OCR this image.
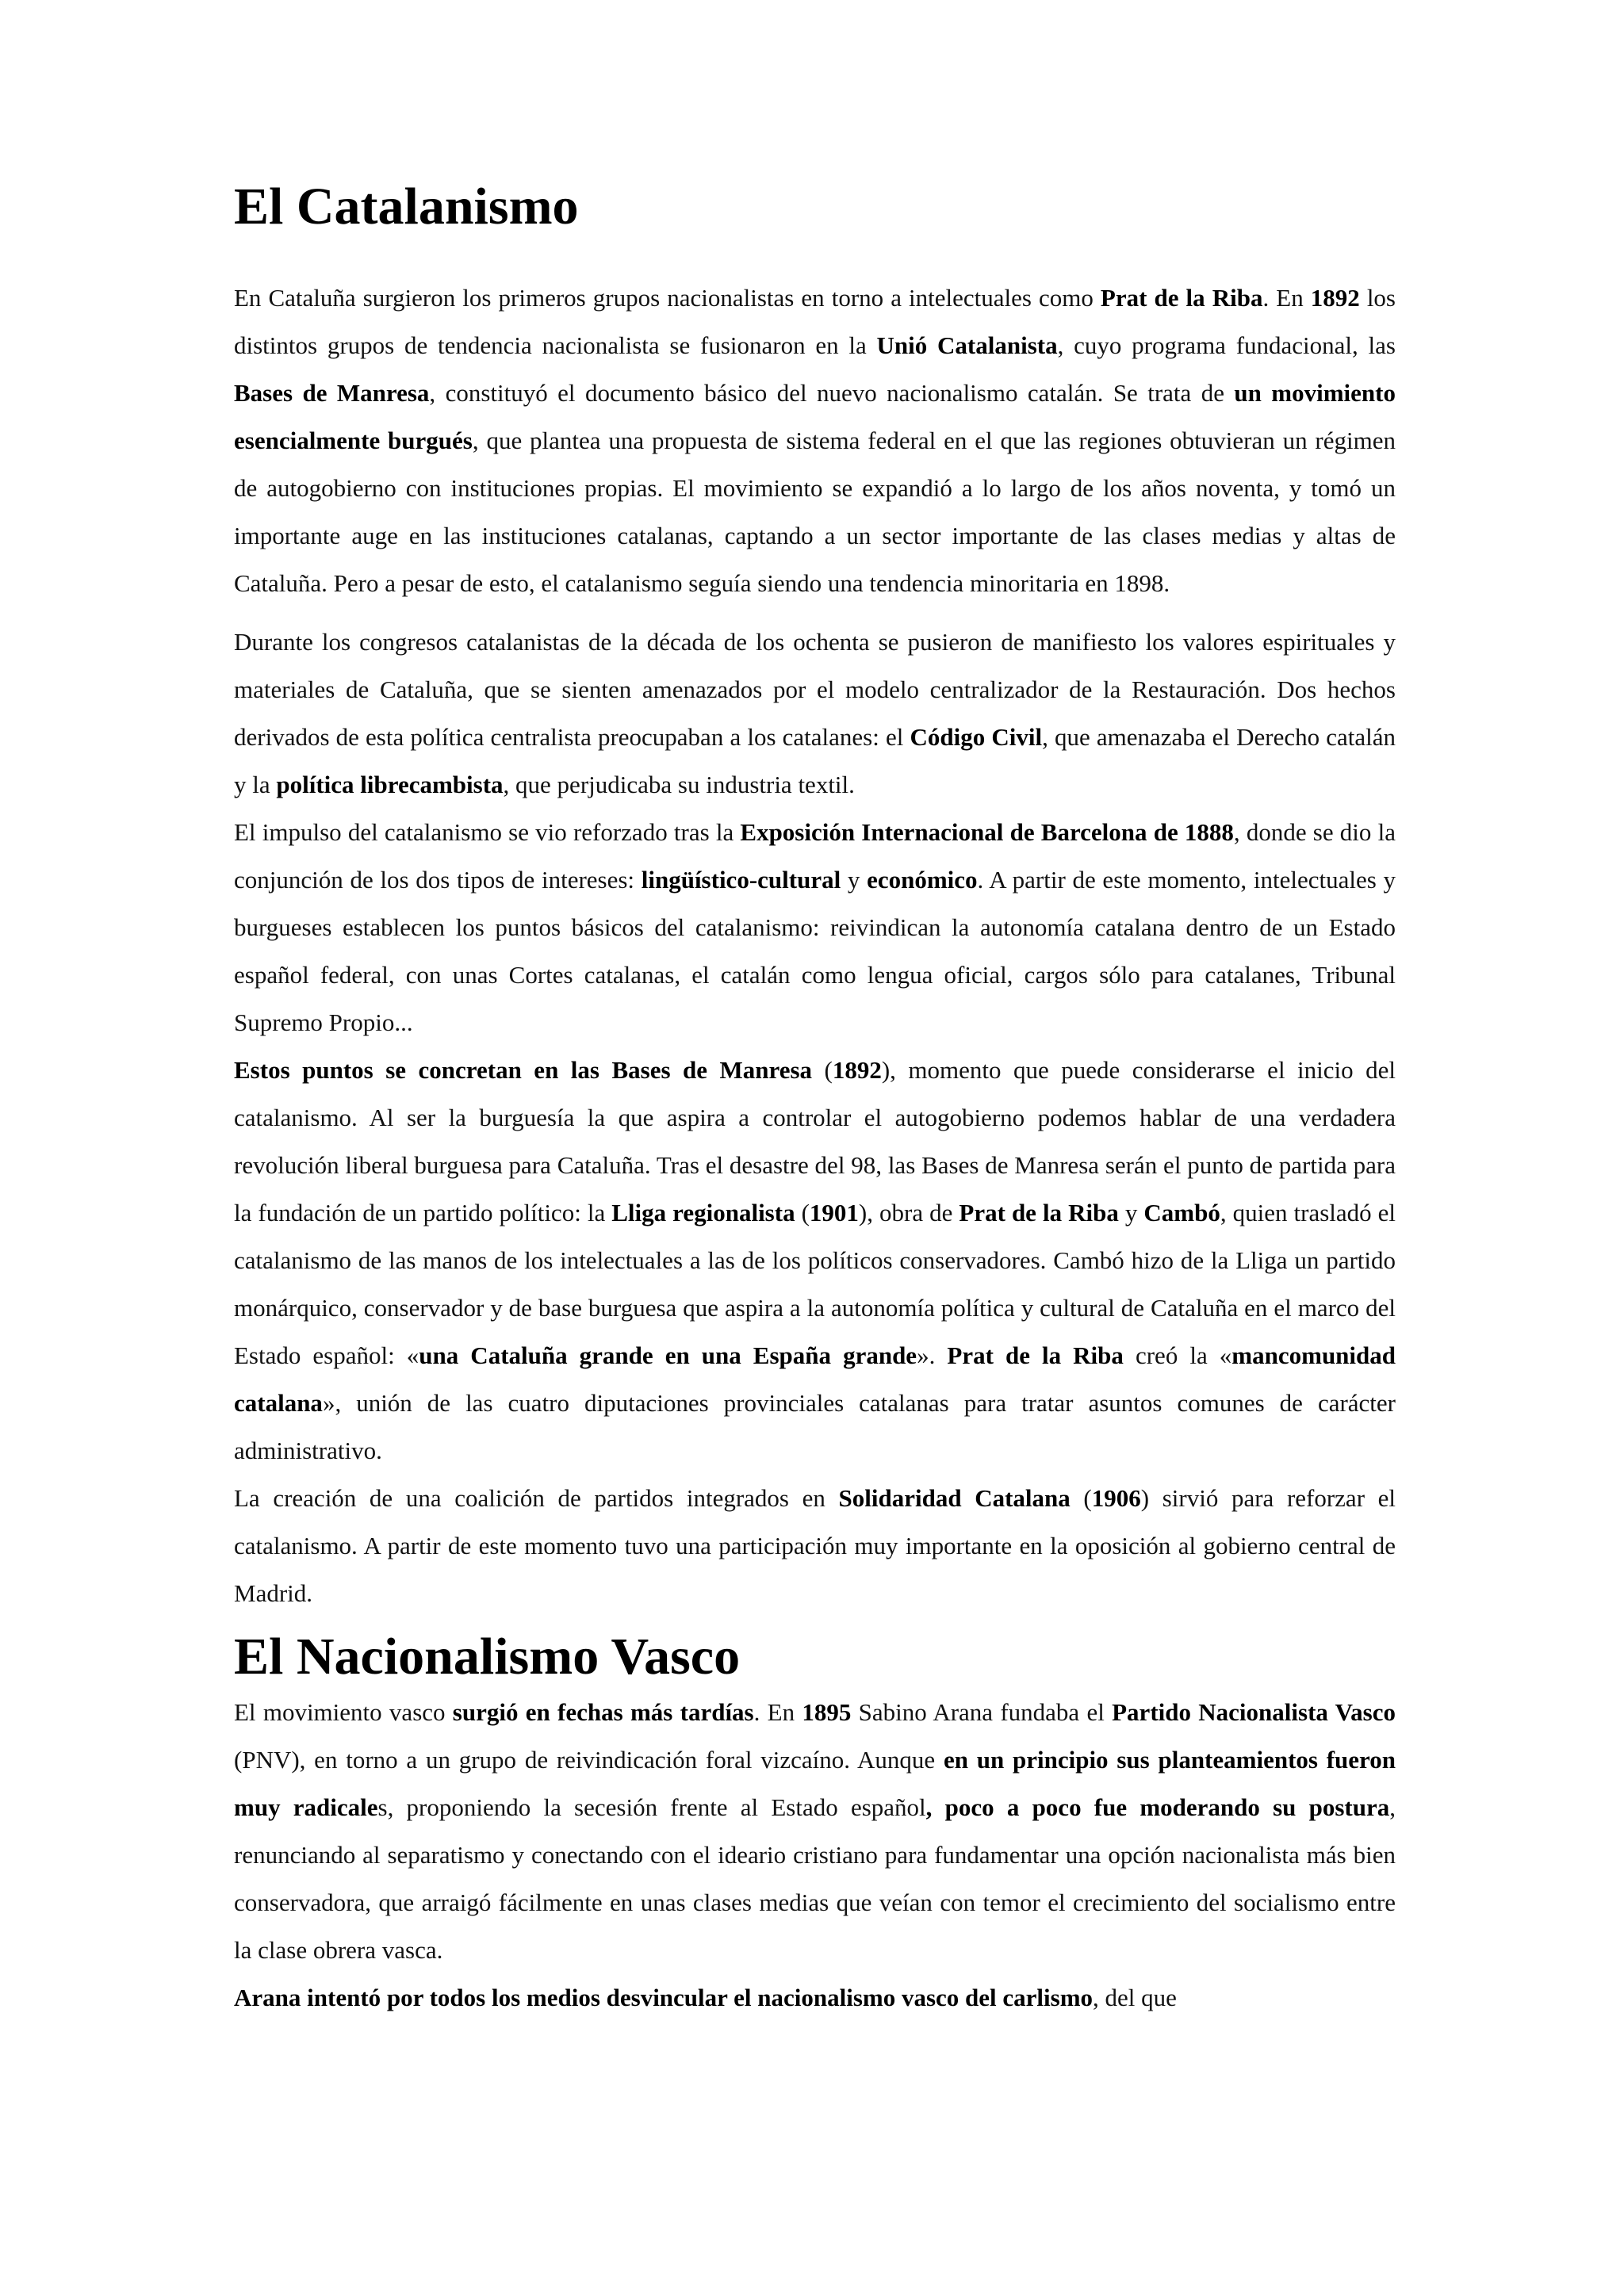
El Catalanismo

En Cataluña surgieron los primeros grupos nacionalistas en torno a intelectuales como Prat de la Riba. En 1892 los distintos grupos de tendencia nacionalista se fusionaron en la Unió Catalanista, cuyo programa fundacional, las Bases de Manresa, constituyó el documento básico del nuevo nacionalismo catalán. Se trata de un movimiento esencialmente burgués, que plantea una propuesta de sistema federal en el que las regiones obtuvieran un régimen de autogobierno con instituciones propias. El movimiento se expandió a lo largo de los años noventa, y tomó un importante auge en las instituciones catalanas, captando a un sector importante de las clases medias y altas de Cataluña. Pero a pesar de esto, el catalanismo seguía siendo una tendencia minoritaria en 1898.

Durante los congresos catalanistas de la década de los ochenta se pusieron de manifiesto los valores espirituales y materiales de Cataluña, que se sienten amenazados por el modelo centralizador de la Restauración. Dos hechos derivados de esta política centralista preocupaban a los catalanes: el Código Civil, que amenazaba el Derecho catalán y la política librecambista, que perjudicaba su industria textil.

El impulso del catalanismo se vio reforzado tras la Exposición Internacional de Barcelona de 1888, donde se dio la conjunción de los dos tipos de intereses: lingüístico-cultural y económico. A partir de este momento, intelectuales y burgueses establecen los puntos básicos del catalanismo: reivindican la autonomía catalana dentro de un Estado español federal, con unas Cortes catalanas, el catalán como lengua oficial, cargos sólo para catalanes, Tribunal Supremo Propio...

Estos puntos se concretan en las Bases de Manresa (1892), momento que puede considerarse el inicio del catalanismo. Al ser la burguesía la que aspira a controlar el autogobierno podemos hablar de una verdadera revolución liberal burguesa para Cataluña. Tras el desastre del 98, las Bases de Manresa serán el punto de partida para la fundación de un partido político: la Lliga regionalista (1901), obra de Prat de la Riba y Cambó, quien trasladó el catalanismo de las manos de los intelectuales a las de los políticos conservadores. Cambó hizo de la Lliga un partido monárquico, conservador y de base burguesa que aspira a la autonomía política y cultural de Cataluña en el marco del Estado español: «una Cataluña grande en una España grande». Prat de la Riba creó la «mancomunidad catalana», unión de las cuatro diputaciones provinciales catalanas para tratar asuntos comunes de carácter administrativo.

La creación de una coalición de partidos integrados en Solidaridad Catalana (1906) sirvió para reforzar el catalanismo. A partir de este momento tuvo una participación muy importante en la oposición al gobierno central de Madrid.

El Nacionalismo Vasco

El movimiento vasco surgió en fechas más tardías. En 1895 Sabino Arana fundaba el Partido Nacionalista Vasco (PNV), en torno a un grupo de reivindicación foral vizcaíno. Aunque en un principio sus planteamientos fueron muy radicales, proponiendo la secesión frente al Estado español, poco a poco fue moderando su postura, renunciando al separatismo y conectando con el ideario cristiano para fundamentar una opción nacionalista más bien conservadora, que arraigó fácilmente en unas clases medias que veían con temor el crecimiento del socialismo entre la clase obrera vasca.

Arana intentó por todos los medios desvincular el nacionalismo vasco del carlismo, del que
